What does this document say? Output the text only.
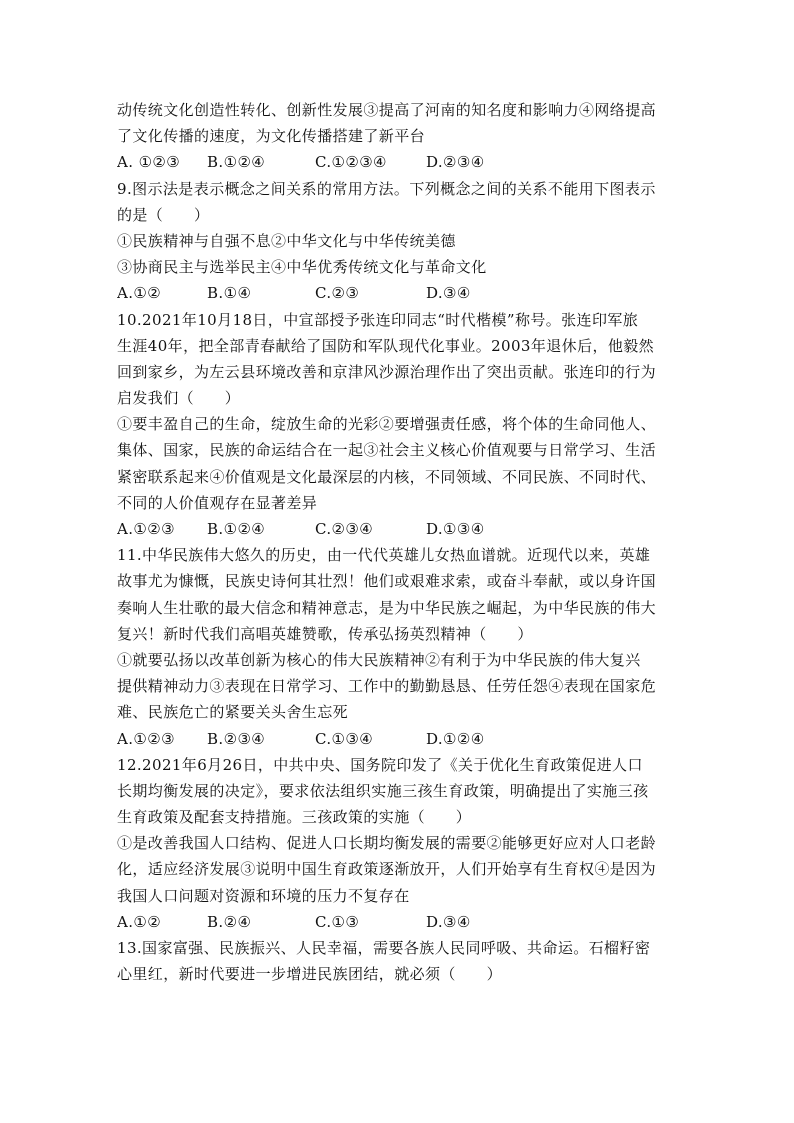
动传统文化创造性转化、创新性发展③提高了河南的知名度和影响力④网络提高
了文化传播的速度，为文化传播搭建了新平台
A. ①②③	B.①②④	C.①②③④	D.②③④
9.图示法是表示概念之间关系的常用方法。下列概念之间的关系不能用下图表示
的是（　　）
①民族精神与自强不息②中华文化与中华传统美德
③协商民主与选举民主④中华优秀传统文化与革命文化
A.①②	B.①④	C.②③	D.③④
10.2021年10月18日，中宣部授予张连印同志“时代楷模”称号。张连印军旅
生涯40年，把全部青春献给了国防和军队现代化事业。2003年退休后，他毅然
回到家乡，为左云县环境改善和京津风沙源治理作出了突出贡献。张连印的行为
启发我们（　　）
①要丰盈自己的生命，绽放生命的光彩②要增强责任感，将个体的生命同他人、
集体、国家，民族的命运结合在一起③社会主义核心价值观要与日常学习、生活
紧密联系起来④价值观是文化最深层的内核，不同领域、不同民族、不同时代、
不同的人价值观存在显著差异
A.①②③	B.①②④	C.②③④	D.①③④
11.中华民族伟大悠久的历史，由一代代英雄儿女热血谱就。近现代以来，英雄
故事尤为慷慨，民族史诗何其壮烈！他们或艰难求索，或奋斗奉献，或以身许国
奏响人生壮歌的最大信念和精神意志，是为中华民族之崛起，为中华民族的伟大
复兴！新时代我们高唱英雄赞歌，传承弘扬英烈精神（　　）
①就要弘扬以改革创新为核心的伟大民族精神②有利于为中华民族的伟大复兴
提供精神动力③表现在日常学习、工作中的勤勤恳恳、任劳任怨④表现在国家危
难、民族危亡的紧要关头舍生忘死
A.①②③	B.②③④	C.①③④	D.①②④
12.2021年6月26日，中共中央、国务院印发了《关于优化生育政策促进人口
长期均衡发展的决定》，要求依法组织实施三孩生育政策，明确提出了实施三孩
生育政策及配套支持措施。三孩政策的实施（　　）
①是改善我国人口结构、促进人口长期均衡发展的需要②能够更好应对人口老龄
化，适应经济发展③说明中国生育政策逐渐放开，人们开始享有生育权④是因为
我国人口问题对资源和环境的压力不复存在
A.①②	B.②④	C.①③	D.③④
13.国家富强、民族振兴、人民幸福，需要各族人民同呼吸、共命运。石榴籽密
心里红，新时代要进一步增进民族团结，就必须（　　）
